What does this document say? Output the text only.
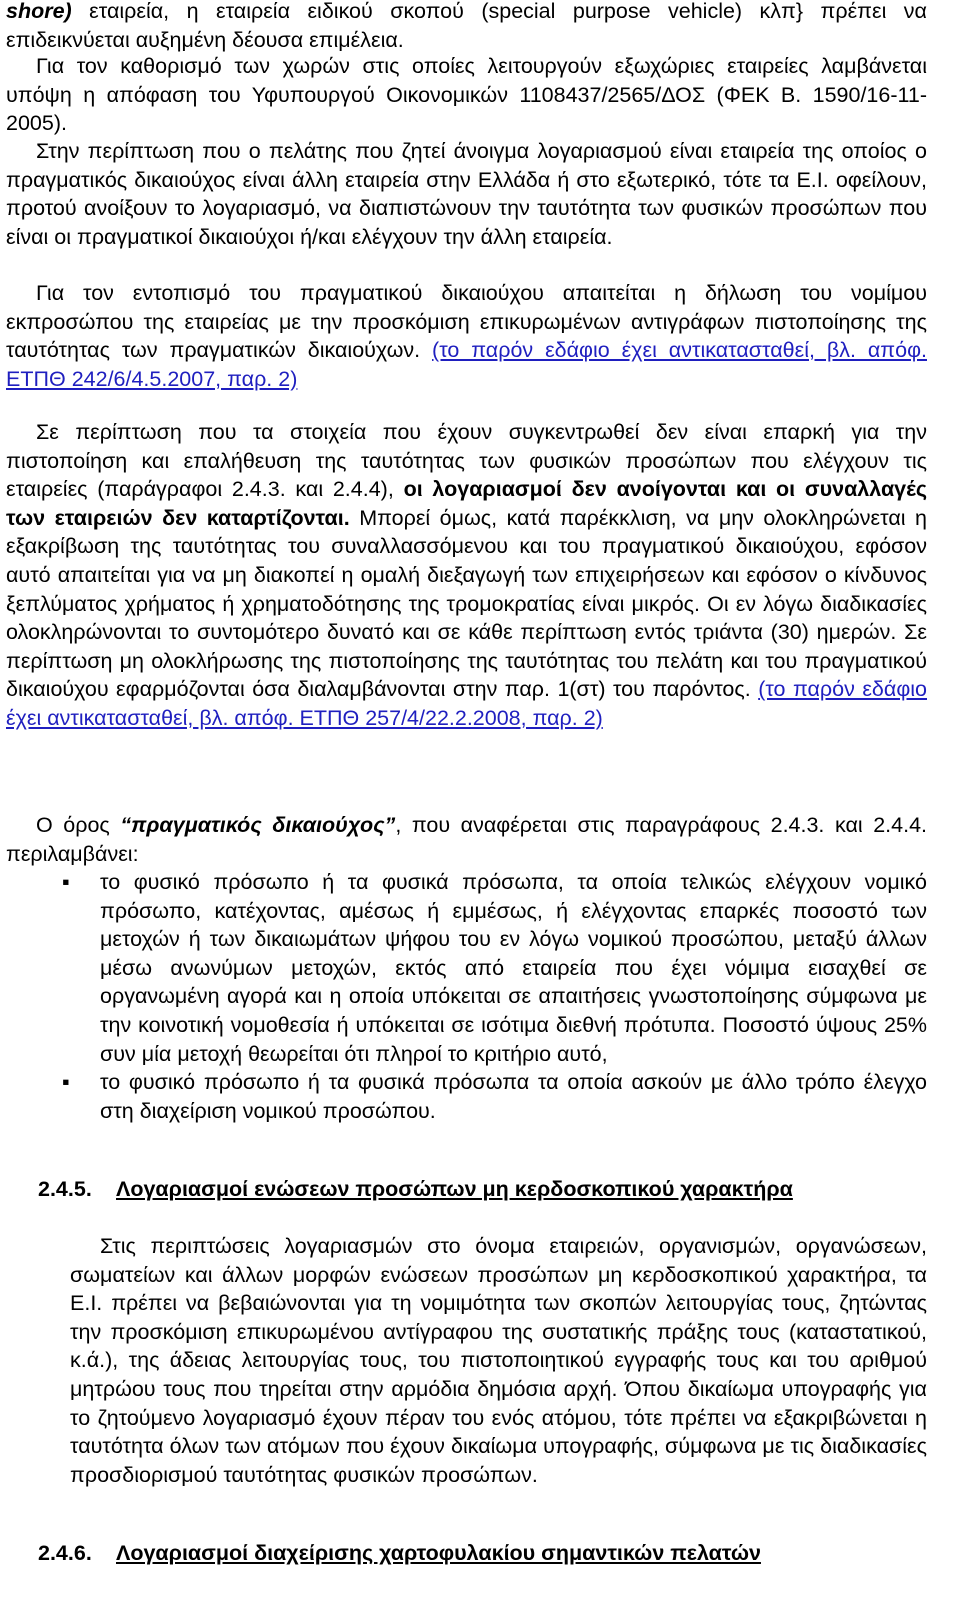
shore) εταιρεία, η εταιρεία ειδικού σκοπού (special purpose vehicle) κλπ} πρέπει να επιδεικνύεται αυξημένη δέουσα επιμέλεια.

Για τον καθορισμό των χωρών στις οποίες λειτουργούν εξωχώριες εταιρείες λαμβάνεται υπόψη η απόφαση του Υφυπουργού Οικονομικών 1108437/2565/ΔΟΣ (ΦΕΚ Β. 1590/16-11-2005).

Στην περίπτωση που ο πελάτης που ζητεί άνοιγμα λογαριασμού είναι εταιρεία της οποίος ο πραγματικός δικαιούχος είναι άλλη εταιρεία στην Ελλάδα ή στο εξωτερικό, τότε τα Ε.Ι. οφείλουν, προτού ανοίξουν το λογαριασμό, να διαπιστώνουν την ταυτότητα των φυσικών προσώπων που είναι οι πραγματικοί δικαιούχοι ή/και ελέγχουν την άλλη εταιρεία.

Για τον εντοπισμό του πραγματικού δικαιούχου απαιτείται η δήλωση του νομίμου εκπροσώπου της εταιρείας με την προσκόμιση επικυρωμένων αντιγράφων πιστοποίησης της ταυτότητας των πραγματικών δικαιούχων. (το παρόν εδάφιο έχει αντικατασταθεί, βλ. απόφ. ΕΤΠΘ 242/6/4.5.2007, παρ. 2)

Σε περίπτωση που τα στοιχεία που έχουν συγκεντρωθεί δεν είναι επαρκή για την πιστοποίηση και επαλήθευση της ταυτότητας των φυσικών προσώπων που ελέγχουν τις εταιρείες (παράγραφοι 2.4.3. και 2.4.4), οι λογαριασμοί δεν ανοίγονται και οι συναλλαγές των εταιρειών δεν καταρτίζονται. Μπορεί όμως, κατά παρέκκλιση, να μην ολοκληρώνεται η εξακρίβωση της ταυτότητας του συναλλασσόμενου και του πραγματικού δικαιούχου, εφόσον αυτό απαιτείται για να μη διακοπεί η ομαλή διεξαγωγή των επιχειρήσεων και εφόσον ο κίνδυνος ξεπλύματος χρήματος ή χρηματοδότησης της τρομοκρατίας είναι μικρός. Οι εν λόγω διαδικασίες ολοκληρώνονται το συντομότερο δυνατό και σε κάθε περίπτωση εντός τριάντα (30) ημερών. Σε περίπτωση μη ολοκλήρωσης της πιστοποίησης της ταυτότητας του πελάτη και του πραγματικού δικαιούχου εφαρμόζονται όσα διαλαμβάνονται στην παρ. 1(στ) του παρόντος. (το παρόν εδάφιο έχει αντικατασταθεί, βλ. απόφ. ΕΤΠΘ 257/4/22.2.2008, παρ. 2)

Ο όρος “πραγματικός δικαιούχος”, που αναφέρεται στις παραγράφους 2.4.3. και 2.4.4. περιλαμβάνει:

▪	το φυσικό πρόσωπο ή τα φυσικά πρόσωπα, τα οποία τελικώς ελέγχουν νομικό πρόσωπο, κατέχοντας, αμέσως ή εμμέσως, ή ελέγχοντας επαρκές ποσοστό των μετοχών ή των δικαιωμάτων ψήφου του εν λόγω νομικού προσώπου, μεταξύ άλλων μέσω ανωνύμων μετοχών, εκτός από εταιρεία που έχει νόμιμα εισαχθεί σε οργανωμένη αγορά και η οποία υπόκειται σε απαιτήσεις γνωστοποίησης σύμφωνα με την κοινοτική νομοθεσία ή υπόκειται σε ισότιμα διεθνή πρότυπα. Ποσοστό ύψους 25% συν μία μετοχή θεωρείται ότι πληροί το κριτήριο αυτό,
▪	το φυσικό πρόσωπο ή τα φυσικά πρόσωπα τα οποία ασκούν με άλλο τρόπο έλεγχο στη διαχείριση νομικού προσώπου.
2.4.5. Λογαριασμοί ενώσεων προσώπων μη κερδοσκοπικού χαρακτήρα

Στις περιπτώσεις λογαριασμών στο όνομα εταιρειών, οργανισμών, οργανώσεων, σωματείων και άλλων μορφών ενώσεων προσώπων μη κερδοσκοπικού χαρακτήρα, τα Ε.Ι. πρέπει να βεβαιώνονται για τη νομιμότητα των σκοπών λειτουργίας τους, ζητώντας την προσκόμιση επικυρωμένου αντίγραφου της συστατικής πράξης τους (καταστατικού, κ.ά.), της άδειας λειτουργίας τους, του πιστοποιητικού εγγραφής τους και του αριθμού μητρώου τους που τηρείται στην αρμόδια δημόσια αρχή. Όπου δικαίωμα υπογραφής για το ζητούμενο λογαριασμό έχουν πέραν του ενός ατόμου, τότε πρέπει να εξακριβώνεται η ταυτότητα όλων των ατόμων που έχουν δικαίωμα υπογραφής, σύμφωνα με τις διαδικασίες προσδιορισμού ταυτότητας φυσικών προσώπων.

2.4.6. Λογαριασμοί διαχείρισης χαρτοφυλακίου σημαντικών πελατών
